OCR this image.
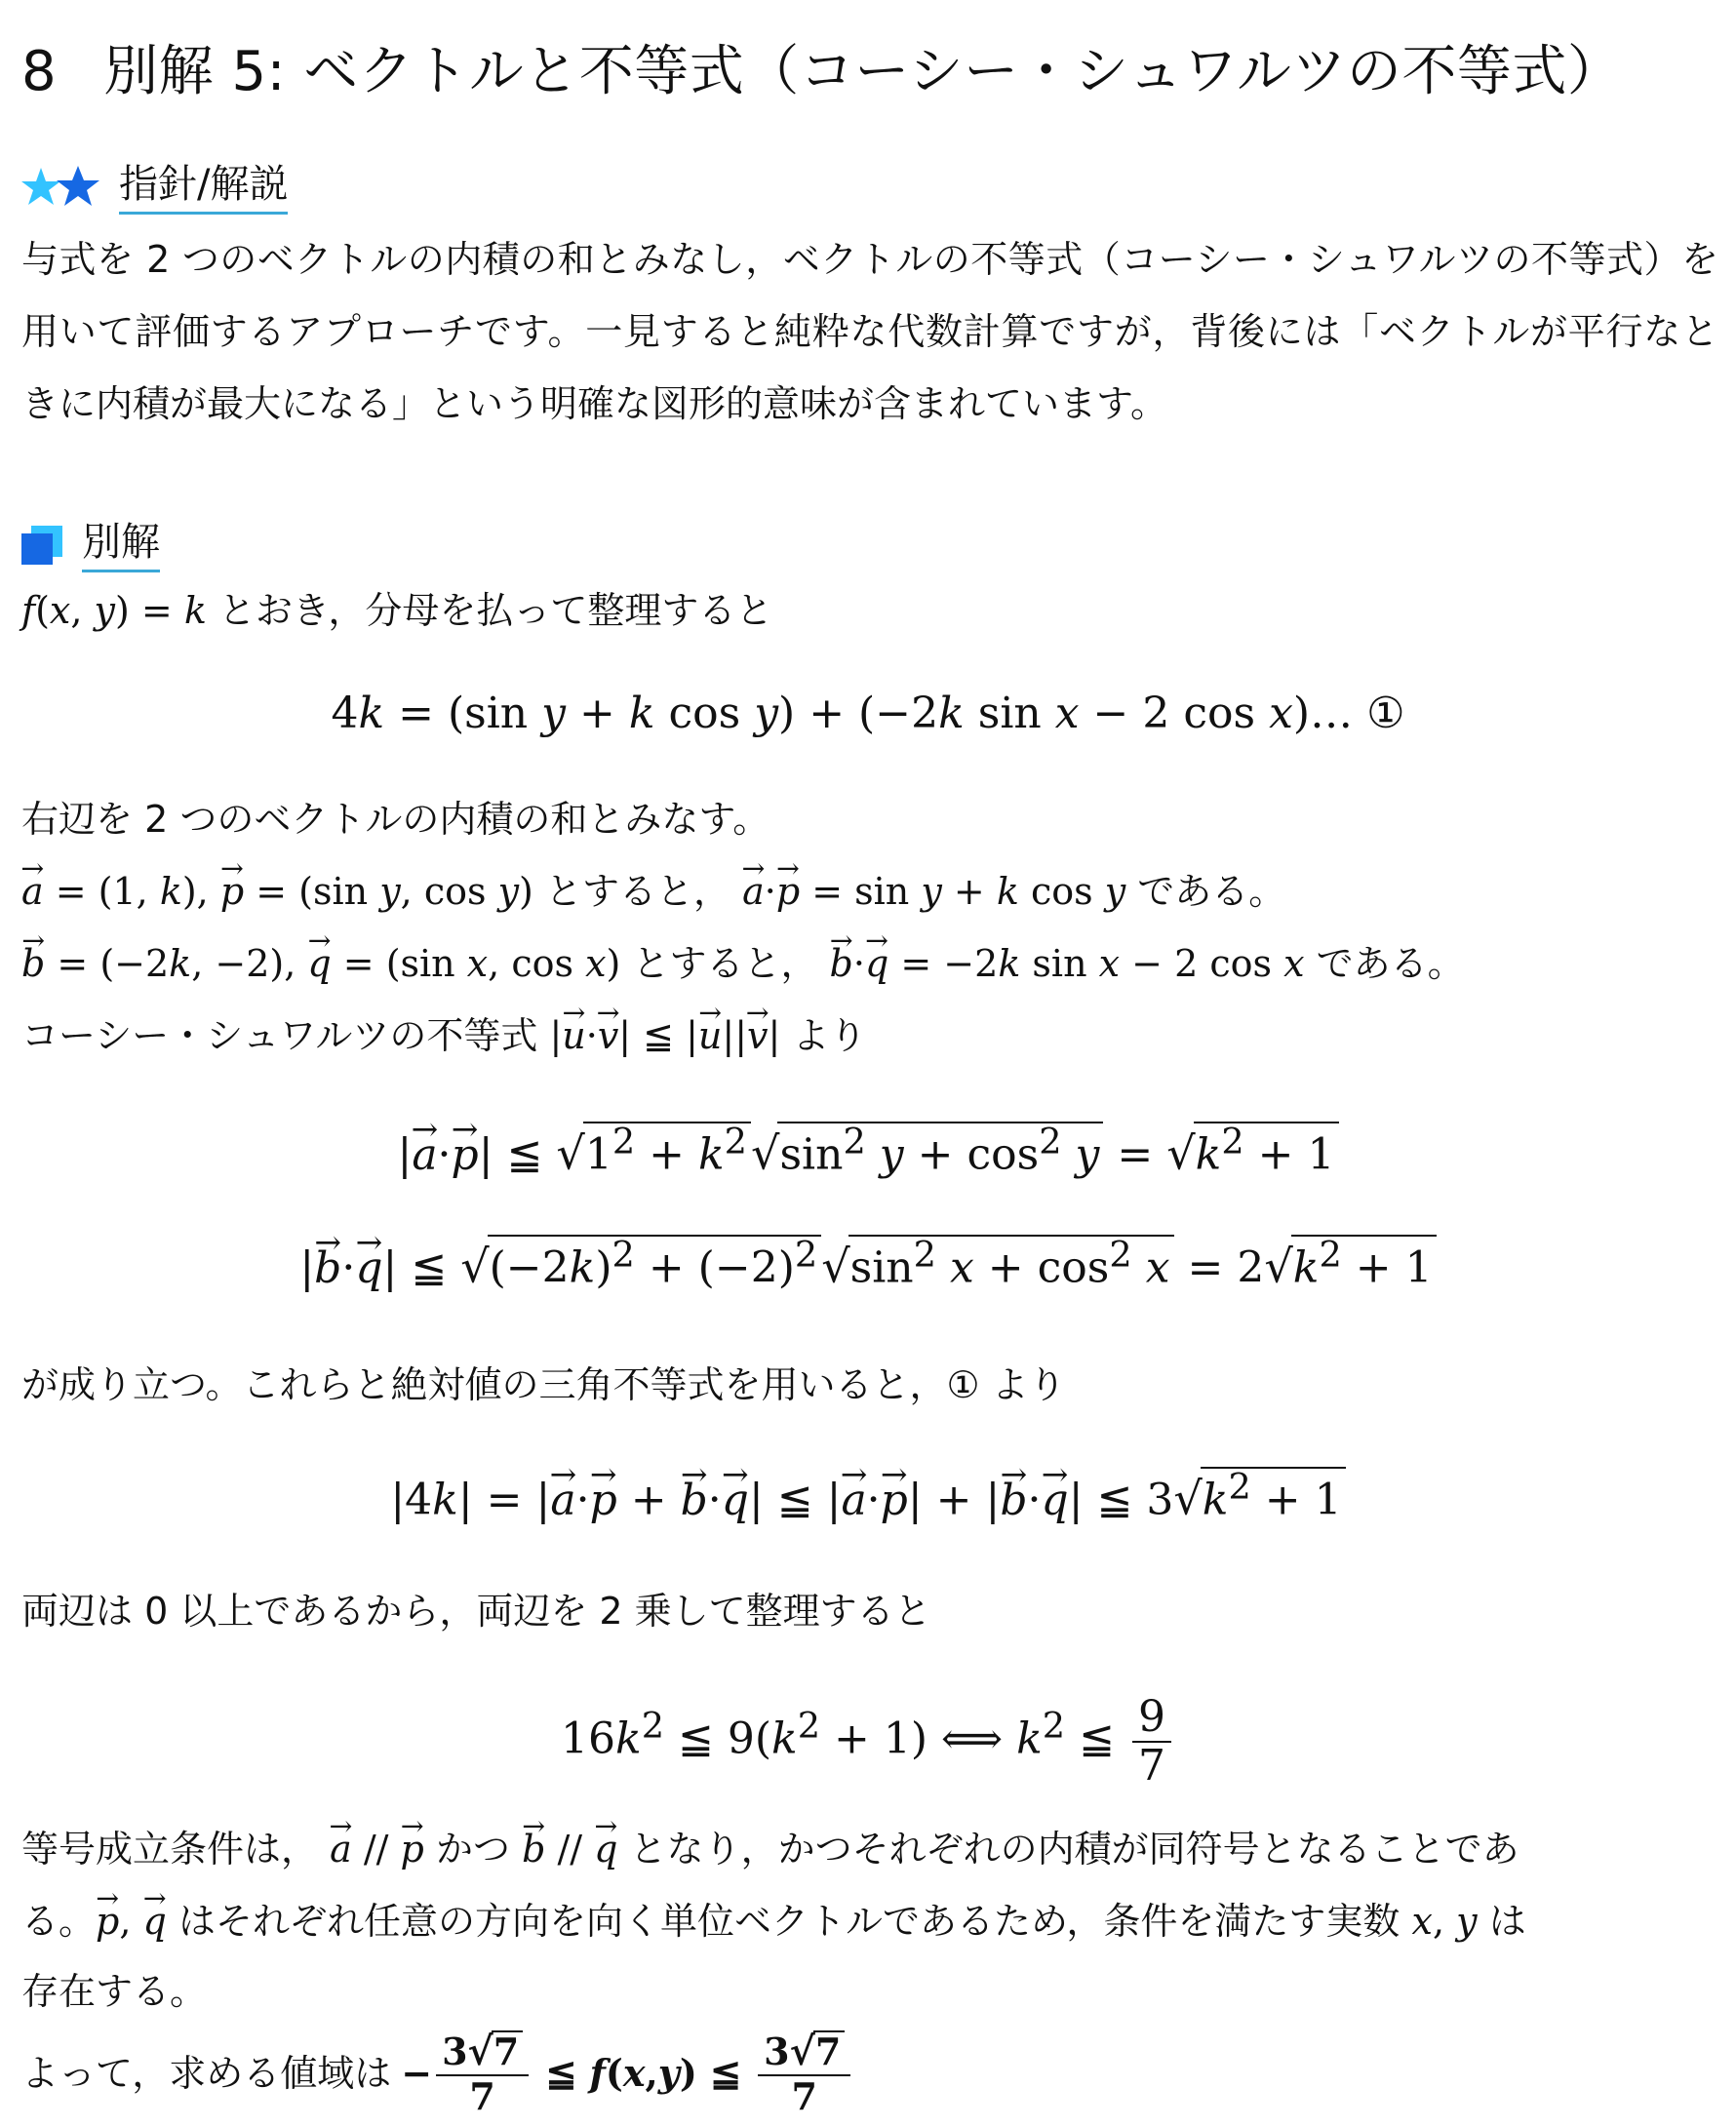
8 別解 5: ベクトルと不等式（コーシー・シュワルツの不等式）
指針/解説
与式を 2 つのベクトルの内積の和とみなし，ベクトルの不等式（コーシー・シュワルツの不等式）を用いて評価するアプローチです。一見すると純粋な代数計算ですが，背後には「ベクトルが平行なときに内積が最大になる」という明確な図形的意味が含まれています。
別解
f(x, y) = k とおき，分母を払って整理すると
4k = (sin y + k cos y) + (−2k sin x − 2 cos x)… ①
右辺を 2 つのベクトルの内積の和とみなす。
→ a = (1, k), → p = (sin y, cos y) とすると， → a·→ p = sin y + k cos y である。
→ b = (−2k, −2), → q = (sin x, cos x) とすると， → b·→ q = −2k sin x − 2 cos x である。
コーシー・シュワルツの不等式 |→ u·→ v| ≦ |→ u||→ v| より
|→ a·→ p| ≦ $√1^2 + k^2√\sin^2$ $y + \cos^2 y = √k^2 + 1$
|→ b·→ q| ≦ $√(-2k)^2 + (-2)^2√\sin^2$ $x + \cos^2 x = 2√k^2 + 1$
が成り立つ。これらと絶対値の三角不等式を用いると，① より
|4k| = |→ a·→ p + → b·→ q| ≦ |→ a·→ p| + |→ b·→ q| ≦ $3√k^2 + 1$
両辺は 0 以上であるから，両辺を 2 乗して整理すると
$16k^2$ ≦ $9(k^2 + 1)$ ⟺ $k^2$ ≦ $\frac{9}{7}$
等号成立条件は， → a // → p かつ → b // → q となり，かつそれぞれの内積が同符号となることであ
る。→ p, → q はそれぞれ任意の方向を向く単位ベクトルであるため，条件を満たす実数 x, y は
存在する。
よって，求める値域は − $\frac{3√7}{7}$ ≦ f ( x , y ) ≦ $\frac{3√7}{7}$
